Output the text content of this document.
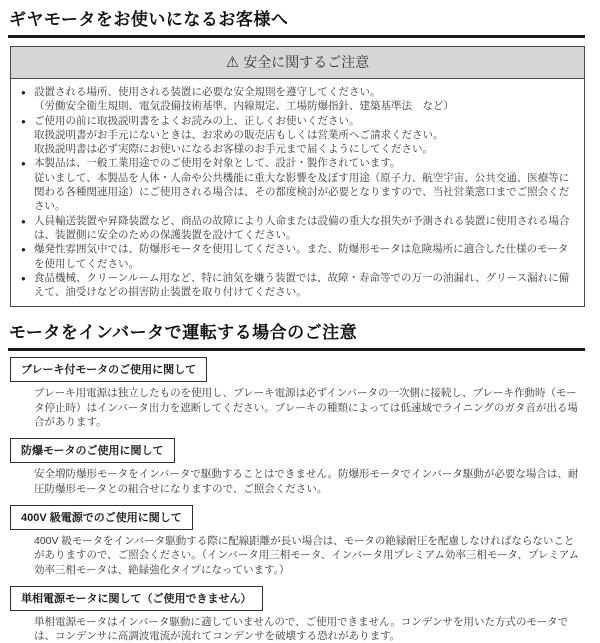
ギヤモータをお使いになるお客様へ
⚠ 安全に関するご注意
● 設置される場所、使用される装置に必要な安全規則を遵守してください。
（労働安全衛生規則、電気設備技術基準、内線規定、工場防爆指針、建築基準法　など）
● ご使用の前に取扱説明書をよくお読みの上、正しくお使いください。
取扱説明書がお手元にないときは、お求めの販売店もしくは営業所へご請求ください。
取扱説明書は必ず実際にお使いになるお客様のお手元まで届くようにしてください。
● 本製品は、一般工業用途でのご使用を対象として、設計・製作されています。
従いまして、本製品を人体・人命や公共機能に重大な影響を及ぼす用途（原子力、航空宇宙、公共交通、医療等に関わる各種関連用途）にご使用される場合は、その都度検討が必要となりますので、当社営業窓口までご照会ください。
● 人員輸送装置や昇降装置など、商品の故障により人命または設備の重大な損失が予測される装置に使用される場合は、装置側に安全のための保護装置を設けてください。
● 爆発性雰囲気中では、防爆形モータを使用してください。また、防爆形モータは危険場所に適合した仕様のモータを使用してください。
● 食品機械、クリーンルーム用など、特に油気を嫌う装置では、故障・寿命等での万一の油漏れ、グリース漏れに備えて、油受けなどの損害防止装置を取り付けてください。
モータをインバータで運転する場合のご注意
ブレーキ付モータのご使用に関して

ブレーキ用電源は独立したものを使用し、ブレーキ電源は必ずインバータの一次側に接続し、ブレーキ作動時（モータ停止時）はインバータ出力を遮断してください。ブレーキの種類によっては低速域でライニングのガタ音が出る場合があります。

防爆モータのご使用に関して

安全増防爆形モータをインバータで駆動することはできません。防爆形モータでインバータ駆動が必要な場合は、耐圧防爆形モータとの組合せになりますので、ご照会ください。

400V 級電源でのご使用に関して

400V 級モータをインバータ駆動する際に配線距離が長い場合は、モータの絶縁耐圧を配慮しなければならないことがありますので、ご照会ください。（インバータ用三相モータ、インバータ用プレミアム効率三相モータ、プレミアム効率三相モータは、絶縁強化タイプになっています。）

単相電源モータに関して（ご使用できません）

単相電源モータはインバータ駆動に適していませんので、ご使用できません。コンデンサを用いた方式のモータでは、コンデンサに高調波電流が流れてコンデンサを破壊する恐れがあります。
